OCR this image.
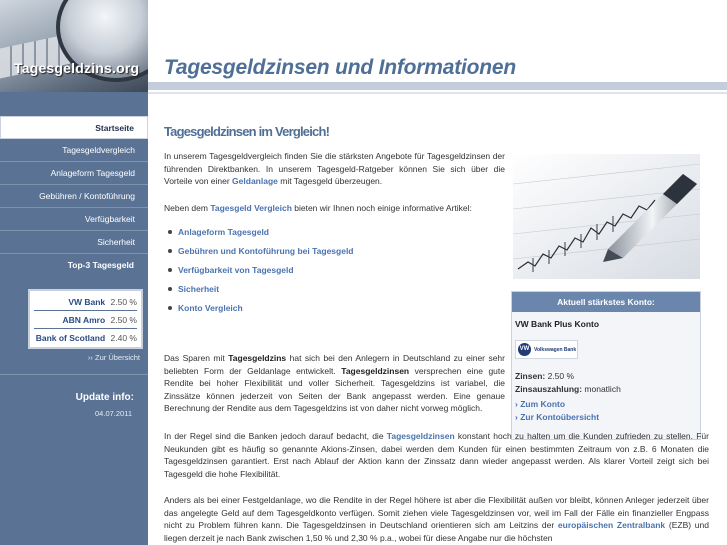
Tagesgeldzins.org
Startseite
Tagesgeldvergleich
Anlageform Tagesgeld
Gebühren / Kontoführung
Verfügbarkeit
Sicherheit
Top-3 Tagesgeld
VW Bank 2.50 %
ABN Amro 2.50 %
Bank of Scotland 2.40 %
›› Zur Übersicht
Update info:
04.07.2011
Tagesgeldzinsen und Informationen
Tagesgeldzinsen im Vergleich!

In unserem Tagesgeldvergleich finden Sie die stärksten Angebote für Tagesgeldzinsen der führenden Direktbanken. In unserem Tagesgeld-Ratgeber können Sie sich über die Vorteile von einer Geldanlage mit Tagesgeld überzeugen.

Neben dem Tagesgeld Vergleich bieten wir Ihnen noch einige informative Artikel:

Anlageform Tagesgeld
Gebühren und Kontoführung bei Tagesgeld
Verfügbarkeit von Tagesgeld
Sicherheit
Konto Vergleich
Aktuell stärkstes Konto:
VW Bank Plus Konto
VW Volkswagen Bank
Zinsen: 2.50 %
Zinsauszahlung: monatlich
› Zum Konto
› Zur Kontoübersicht

Das Sparen mit Tagesgeldzins hat sich bei den Anlegern in Deutschland zu einer sehr beliebten Form der Geldanlage entwickelt. Tagesgeldzinsen versprechen eine gute Rendite bei hoher Flexibilität und voller Sicherheit. Tagesgeldzins ist variabel, die Zinssätze können jederzeit von Seiten der Bank angepasst werden. Eine genaue Berechnung der Rendite aus dem Tagesgeldzins ist von daher nicht vorweg möglich.

In der Regel sind die Banken jedoch darauf bedacht, die Tagesgeldzinsen konstant hoch zu halten um die Kunden zufrieden zu stellen. Für Neukunden gibt es häufig so genannte Akions-Zinsen, dabei werden dem Kunden für einen bestimmten Zeitraum von z.B. 6 Monaten die Tagesgeldzinsen garantiert. Erst nach Ablauf der Aktion kann der Zinssatz dann wieder angepasst werden. Als klarer Vorteil zeigt sich bei Tagesgeld die hohe Flexibilität.

Anders als bei einer Festgeldanlage, wo die Rendite in der Regel höhere ist aber die Flexibilität außen vor bleibt, können Anleger jederzeit über das angelegte Geld auf dem Tagesgeldkonto verfügen. Somit ziehen viele Tagesgeldzinsen vor, weil im Fall der Fälle ein finanzieller Engpass nicht zu Problem führen kann. Die Tagesgeldzinsen in Deutschland orientieren sich am Leitzins der europäischen Zentralbank (EZB) und liegen derzeit je nach Bank zwischen 1,50 % und 2,30 % p.a., wobei für diese Angabe nur die höchsten
